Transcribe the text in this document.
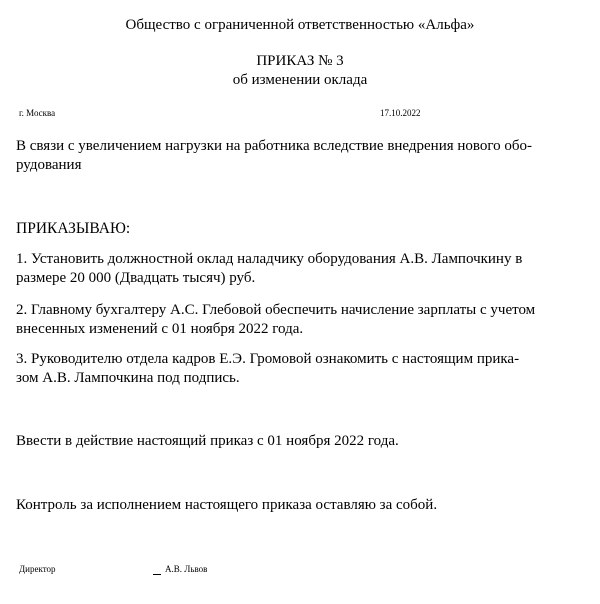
Общество с ограниченной ответственностью «Альфа»
ПРИКАЗ № 3
об изменении оклада
г. Москва	17.10.2022
В связи с увеличением нагрузки на работника вследствие внедрения нового обо-
рудования
ПРИКАЗЫВАЮ:
1. Установить должностной оклад наладчику оборудования А.В. Лампочкину в
размере 20 000 (Двадцать тысяч) руб.
2. Главному бухгалтеру А.С. Глебовой обеспечить начисление зарплаты с учетом
внесенных изменений с 01 ноября 2022 года.
3. Руководителю отдела кадров Е.Э. Громовой ознакомить с настоящим прика-
зом А.В. Лампочкина под подпись.
Ввести в действие настоящий приказ с 01 ноября 2022 года.
Контроль за исполнением настоящего приказа оставляю за собой.
Директор	А.В. Львов
